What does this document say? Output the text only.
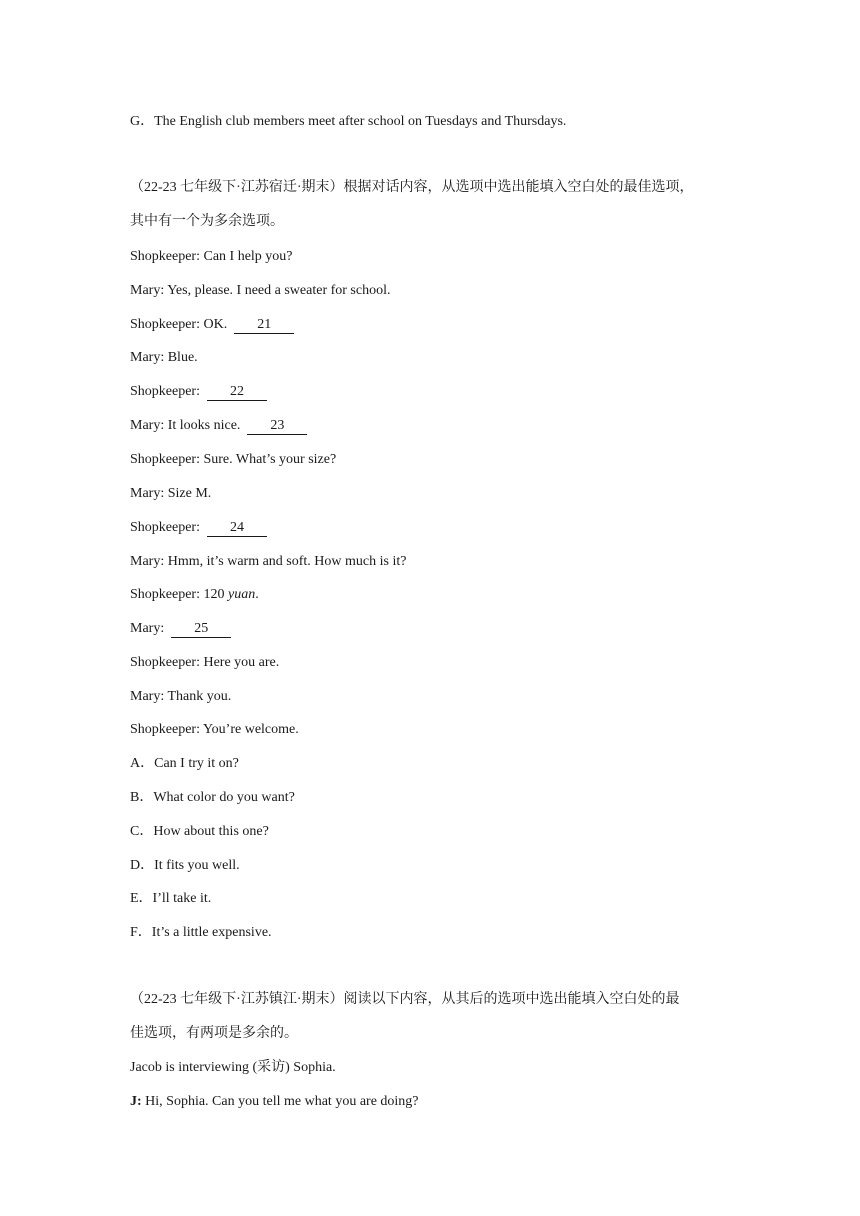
G．The English club members meet after school on Tuesdays and Thursdays.
（22-23 七年级下·江苏宿迁·期末）根据对话内容，从选项中选出能填入空白处的最佳选项，
其中有一个为多余选项。
Shopkeeper: Can I help you?
Mary: Yes, please. I need a sweater for school.
Shopkeeper: OK. 21
Mary: Blue.
Shopkeeper: 22
Mary: It looks nice. 23
Shopkeeper: Sure. What’s your size?
Mary: Size M.
Shopkeeper: 24
Mary: Hmm, it’s warm and soft. How much is it?
Shopkeeper: 120 yuan.
Mary: 25
Shopkeeper: Here you are.
Mary: Thank you.
Shopkeeper: You’re welcome.
A．Can I try it on?
B．What color do you want?
C．How about this one?
D．It fits you well.
E．I’ll take it.
F．It’s a little expensive.
（22-23 七年级下·江苏镇江·期末）阅读以下内容，从其后的选项中选出能填入空白处的最
佳选项，有两项是多余的。
Jacob is interviewing (采访) Sophia.
J: Hi, Sophia. Can you tell me what you are doing?
